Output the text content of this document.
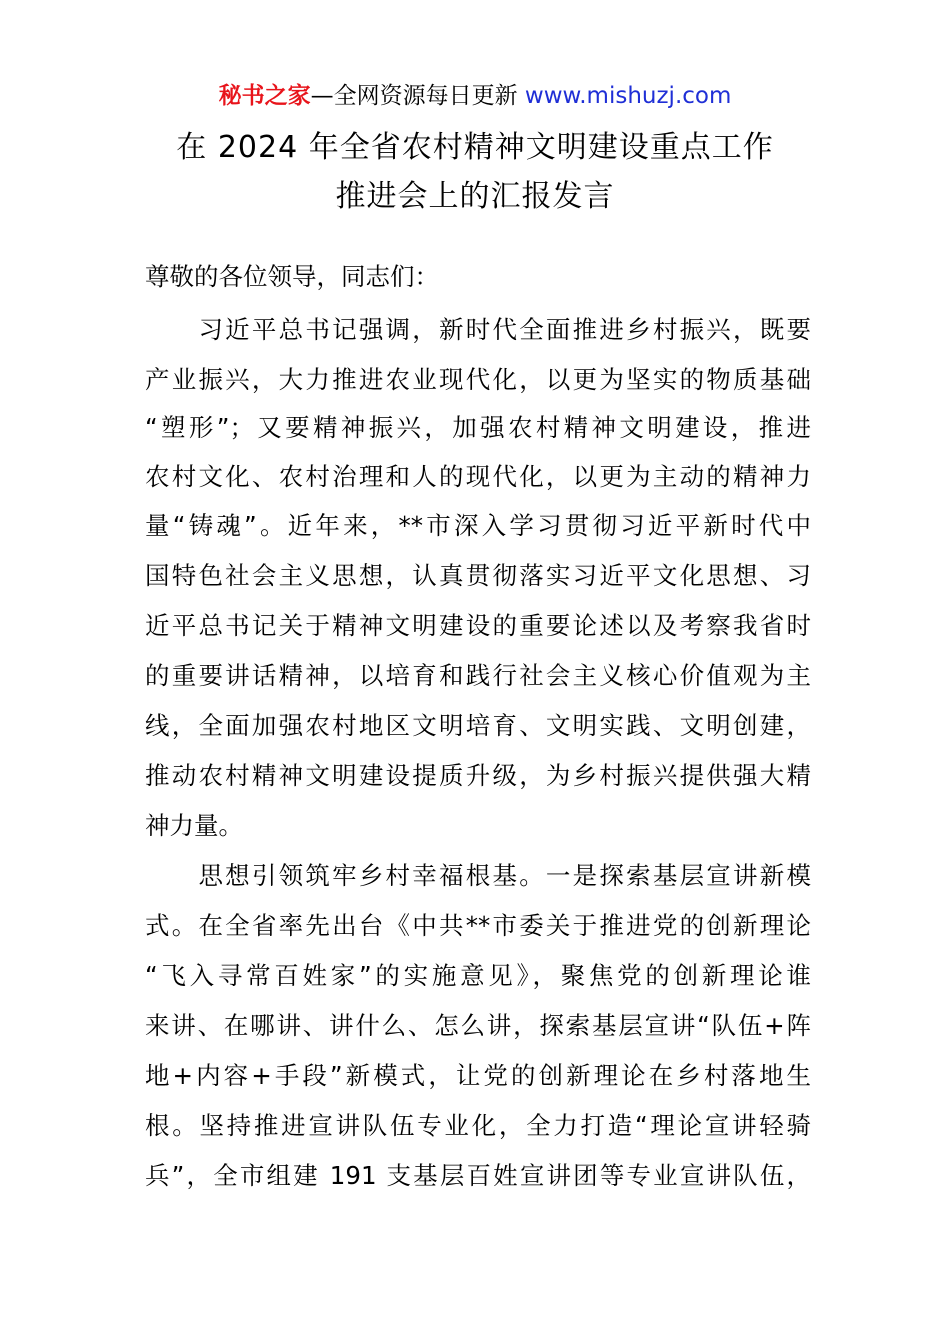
秘书之家—全网资源每日更新 www.mishuzj.com
在 2024 年全省农村精神文明建设重点工作
推进会上的汇报发言
尊敬的各位领导，同志们：
　　习近平总书记强调，新时代全面推进乡村振兴，既要
产业振兴，大力推进农业现代化，以更为坚实的物质基础
“塑形”；又要精神振兴，加强农村精神文明建设，推进
农村文化、农村治理和人的现代化，以更为主动的精神力
量“铸魂”。近年来，**市深入学习贯彻习近平新时代中
国特色社会主义思想，认真贯彻落实习近平文化思想、习
近平总书记关于精神文明建设的重要论述以及考察我省时
的重要讲话精神，以培育和践行社会主义核心价值观为主
线，全面加强农村地区文明培育、文明实践、文明创建，
推动农村精神文明建设提质升级，为乡村振兴提供强大精
神力量。
　　思想引领筑牢乡村幸福根基。一是探索基层宣讲新模
式。在全省率先出台《中共**市委关于推进党的创新理论
“飞入寻常百姓家”的实施意见》，聚焦党的创新理论谁
来讲、在哪讲、讲什么、怎么讲，探索基层宣讲“队伍+阵
地+内容+手段”新模式，让党的创新理论在乡村落地生
根。坚持推进宣讲队伍专业化，全力打造“理论宣讲轻骑
兵”，全市组建 191 支基层百姓宣讲团等专业宣讲队伍，
